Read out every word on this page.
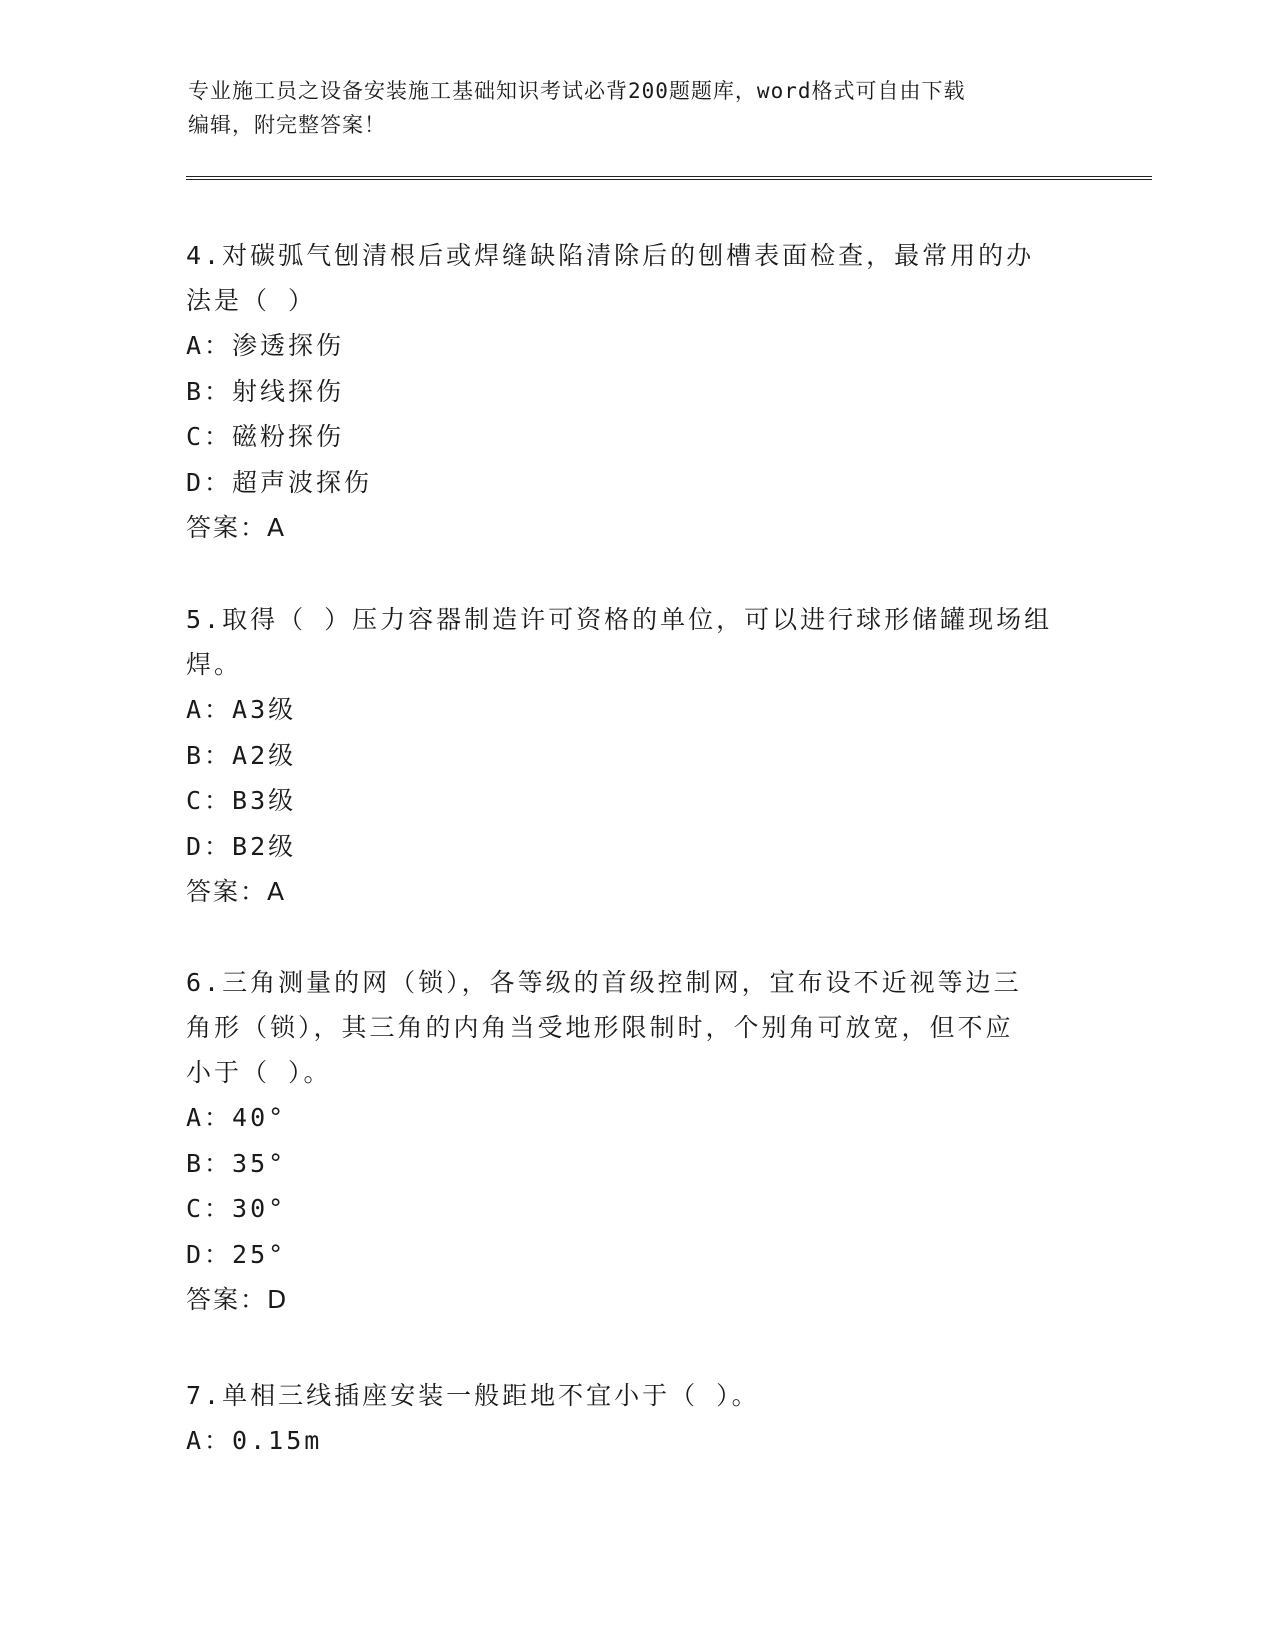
专业施工员之设备安装施工基础知识考试必背200题题库，word格式可自由下载
编辑，附完整答案！

4.对碳弧气刨清根后或焊缝缺陷清除后的刨槽表面检查，最常用的办

法是（ ）

A：渗透探伤

B：射线探伤

C：磁粉探伤

D：超声波探伤

答案：A

5.取得（ ）压力容器制造许可资格的单位，可以进行球形储罐现场组

焊。

A：A3级

B：A2级

C：B3级

D：B2级

答案：A

6.三角测量的网（锁），各等级的首级控制网，宜布设不近视等边三

角形（锁），其三角的内角当受地形限制时，个别角可放宽，但不应

小于（ ）。

A：40°

B：35°

C：30°

D：25°

答案：D

7.单相三线插座安装一般距地不宜小于（ ）。

A：0.15m
